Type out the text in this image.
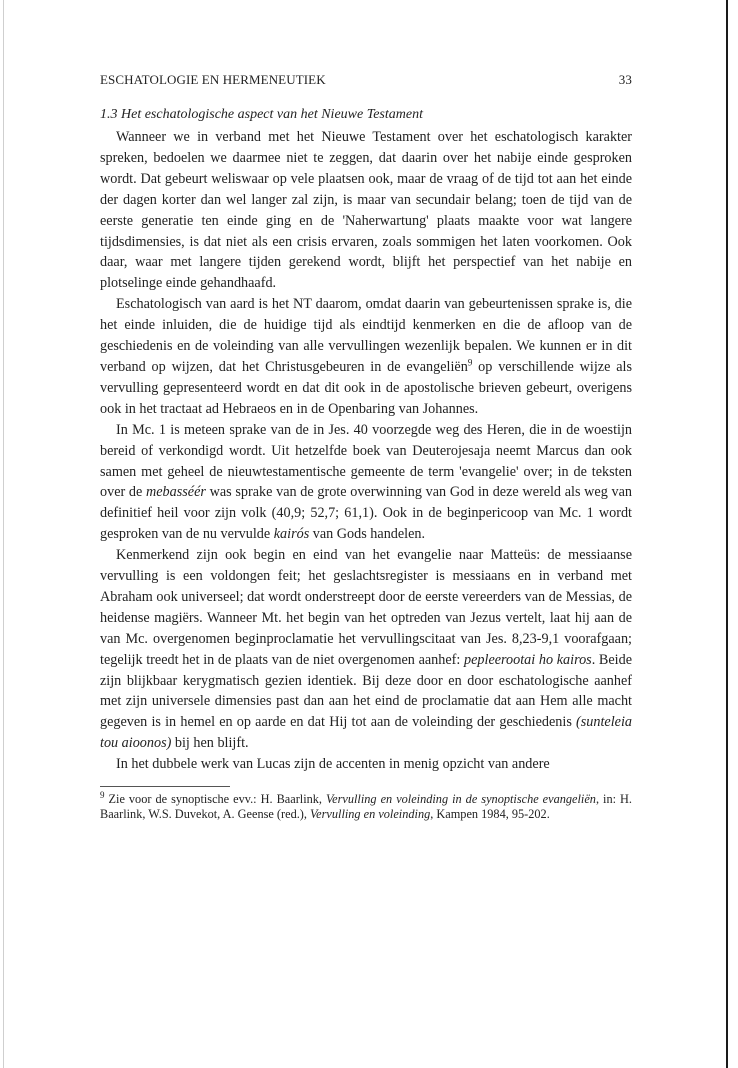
ESCHATOLOGIE EN HERMENEUTIEK	33

1.3 Het eschatologische aspect van het Nieuwe Testament

Wanneer we in verband met het Nieuwe Testament over het eschatologisch karakter spreken, bedoelen we daarmee niet te zeggen, dat daarin over het nabije einde gesproken wordt. Dat gebeurt weliswaar op vele plaatsen ook, maar de vraag of de tijd tot aan het einde der dagen korter dan wel langer zal zijn, is maar van secundair belang; toen de tijd van de eerste generatie ten einde ging en de 'Naherwartung' plaats maakte voor wat langere tijdsdimensies, is dat niet als een crisis ervaren, zoals sommigen het laten voorkomen. Ook daar, waar met langere tijden gerekend wordt, blijft het perspectief van het nabije en plotselinge einde gehandhaafd.

Eschatologisch van aard is het NT daarom, omdat daarin van gebeurtenissen sprake is, die het einde inluiden, die de huidige tijd als eindtijd kenmerken en die de afloop van de geschiedenis en de voleinding van alle vervullingen wezenlijk bepalen. We kunnen er in dit verband op wijzen, dat het Christusgebeuren in de evangeliën$^9$ op verschillende wijze als vervulling gepresenteerd wordt en dat dit ook in de apostolische brieven gebeurt, overigens ook in het tractaat ad Hebraeos en in de Openbaring van Johannes.

In Mc. 1 is meteen sprake van de in Jes. 40 voorzegde weg des Heren, die in de woestijn bereid of verkondigd wordt. Uit hetzelfde boek van Deuterojesaja neemt Marcus dan ook samen met geheel de nieuwtestamentische gemeente de term 'evangelie' over; in de teksten over de mebasséér was sprake van de grote overwinning van God in deze wereld als weg van definitief heil voor zijn volk (40,9; 52,7; 61,1). Ook in de beginpericoop van Mc. 1 wordt gesproken van de nu vervulde kairós van Gods handelen.

Kenmerkend zijn ook begin en eind van het evangelie naar Matteüs: de messiaanse vervulling is een voldongen feit; het geslachtsregister is messiaans en in verband met Abraham ook universeel; dat wordt onderstreept door de eerste vereerders van de Messias, de heidense magiërs. Wanneer Mt. het begin van het optreden van Jezus vertelt, laat hij aan de van Mc. overgenomen beginproclamatie het vervullingscitaat van Jes. 8,23-9,1 voorafgaan; tegelijk treedt het in de plaats van de niet overgenomen aanhef: pepleerootai ho kairos. Beide zijn blijkbaar kerygmatisch gezien identiek. Bij deze door en door eschatologische aanhef met zijn universele dimensies past dan aan het eind de proclamatie dat aan Hem alle macht gegeven is in hemel en op aarde en dat Hij tot aan de voleinding der geschiedenis (sunteleia tou aioonos) bij hen blijft.

In het dubbele werk van Lucas zijn de accenten in menig opzicht van andere

$^9$ Zie voor de synoptische evv.: H. Baarlink, Vervulling en voleinding in de synoptische evangeliën, in: H. Baarlink, W.S. Duvekot, A. Geense (red.), Vervulling en voleinding, Kampen 1984, 95-202.
